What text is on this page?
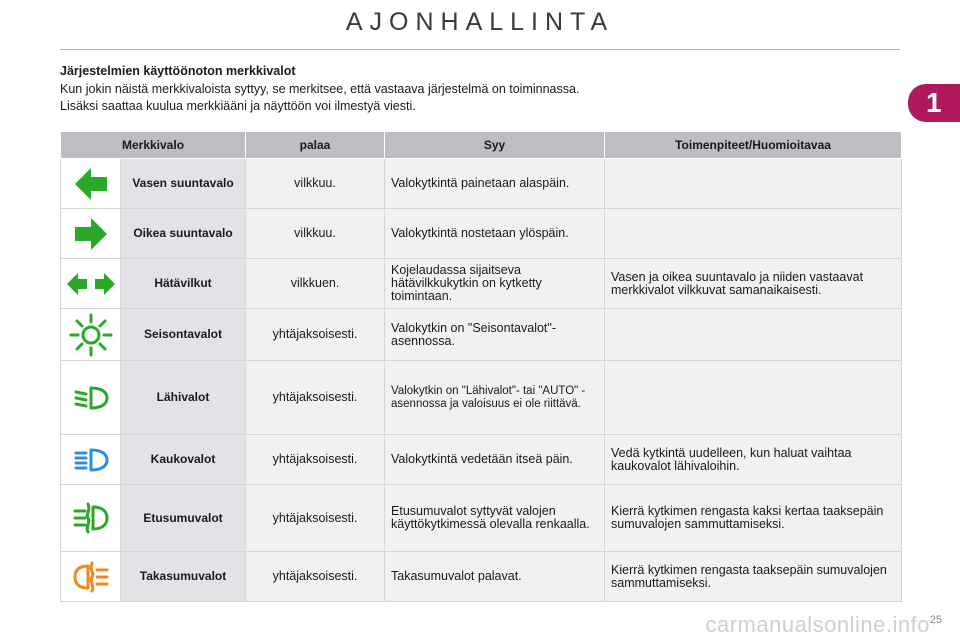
AJONHALLINTA
1
Järjestelmien käyttöönoton merkkivalot
Kun jokin näistä merkkivaloista syttyy, se merkitsee, että vastaava järjestelmä on toiminnassa.
Lisäksi saattaa kuulua merkkiääni ja näyttöön voi ilmestyä viesti.
Merkkivalo		palaa	Syy	Toimenpiteet/Huomioitavaa

	Vasen suuntavalo	vilkkuu.	Valokytkintä painetaan alaspäin.	

	Oikea suuntavalo	vilkkuu.	Valokytkintä nostetaan ylöspäin.	

	Hätävilkut	vilkkuen.	Kojelaudassa sijaitseva hätävilkkukytkin on kytketty toimintaan.	Vasen ja oikea suuntavalo ja niiden vastaavat merkkivalot vilkkuvat samanaikaisesti.

	Seisontavalot	yhtäjaksoisesti.	Valokytkin on "Seisontavalot"-asennossa.	

	Lähivalot	yhtäjaksoisesti.	Valokytkin on "Lähivalot"- tai "AUTO" -asennossa ja valoisuus ei ole riittävä.	

	Kaukovalot	yhtäjaksoisesti.	Valokytkintä vedetään itseä päin.	Vedä kytkintä uudelleen, kun haluat vaihtaa kaukovalot lähivaloihin.

	Etusumuvalot	yhtäjaksoisesti.	Etusumuvalot syttyvät valojen käyttökytkimessä olevalla renkaalla.	Kierrä kytkimen rengasta kaksi kertaa taaksepäin sumuvalojen sammuttamiseksi.

	Takasumuvalot	yhtäjaksoisesti.	Takasumuvalot palavat.	Kierrä kytkimen rengasta taaksepäin sumuvalojen sammuttamiseksi.
carmanualsonline.info 25
